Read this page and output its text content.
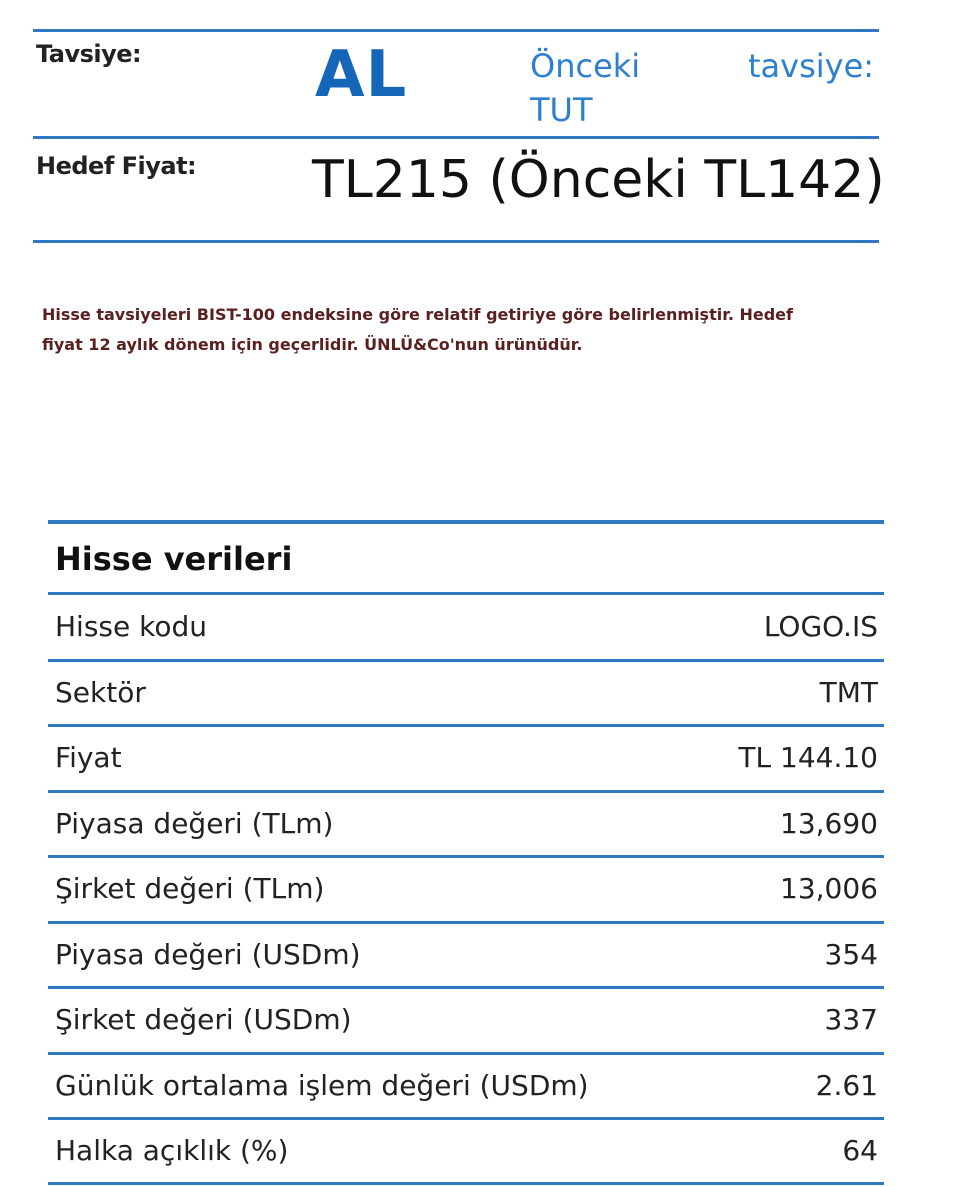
Tavsiye:	AL	Önceki	tavsiye:
TUT
Hedef Fiyat: TL215 (Önceki TL142)
Hisse tavsiyeleri BIST-100 endeksine göre relatif getiriye göre belirlenmiştir. Hedef fiyat 12 aylık dönem için geçerlidir. ÜNLÜ&Co'nun ürünüdür.
Hisse verileri
Hisse kodu	LOGO.IS
Sektör	TMT
Fiyat	TL 144.10
Piyasa değeri (TLm)	13,690
Şirket değeri (TLm)	13,006
Piyasa değeri (USDm)	354
Şirket değeri (USDm)	337
Günlük ortalama işlem değeri (USDm)	2.61
Halka açıklık (%)	64
